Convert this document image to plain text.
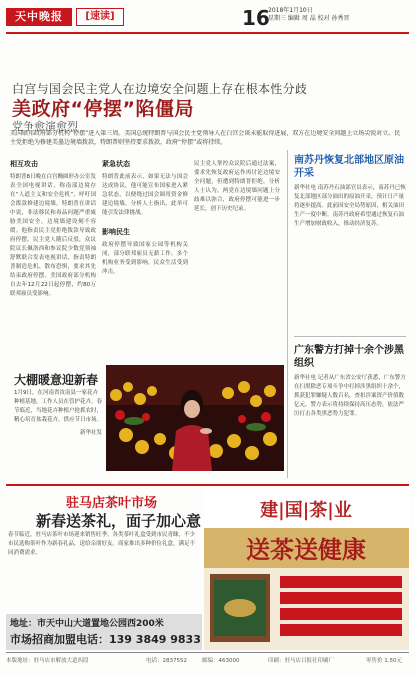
天中晚报	[速读]	16
2018年1月10日
星期三 编辑 周 晶 校对 孙秀晋
白宫与国会民主党人在边境安全问题上存在根本性分歧
美政府“停摆”陷僵局
党争愈演愈烈
美国联邦政府部分机构“停摆”进入第三周。美国总统特朗普与国会民主党领导人在白宫会谈未能取得进展，双方在边境安全问题上立场尖锐对立。民主党拒绝为修建美墨边境墙拨款，特朗普则坚持要求拨款，政府“停摆”或将持续。
相互攻击
特朗普8日晚在白宫椭圆形办公室发表全国电视讲话，称南部边境存在“人道主义和安全危机”，呼吁国会拨款修建边境墙。特朗普在讲话中说，非法移民和毒品问题严重威胁美国安全，边境墙建设刻不容缓。他指责民主党拒绝拨款导致政府停摆。民主党人随后反驳，众议院议长佩洛西和参议院少数党领袖舒默联合发表电视讲话，指责特朗普制造危机、散布恐惧，要求其先结束政府停摆。美国政府部分机构自去年12月22日起停摆，约80万联邦雇员受影响。
紧急状态
特朗普此前表示，如果无法与国会达成协议，他可能宣布国家进入紧急状态，以便绕过国会调用资金修建边境墙。分析人士指出，此举可能引发法律挑战。
影响民生
政府停摆导致国家公园等机构关闭，部分联邦雇员无薪工作。多个机构业务受到影响，民众生活受到冲击。
民主党人掌控众议院后通过法案，要求先恢复政府运作再讨论边境安全问题，但遭到特朗普拒绝。分析人士认为，两党在边境墙问题上分歧难以弥合，政府停摆可能进一步延长，创下历史纪录。
南苏丹恢复北部地区原油开采
新华社电 南苏丹石油部官员表示，南苏丹已恢复北部地区部分油田的原油开采，预计日产量将逐步提高。此前因安全局势原因，相关油田生产一度中断。南苏丹政府希望通过恢复石油生产增加财政收入，推动经济复苏。
广东警方打掉十余个涉黑组织
新华社电 记者从广东省公安厅获悉，广东警方在扫黑除恶专项斗争中打掉涉黑组织十余个，抓获犯罪嫌疑人数百名，查扣涉案资产价值数亿元。警方表示将持续保持高压态势，依法严厉打击各类黑恶势力犯罪。
大棚暖意迎新春
1月9日，在河南省汝南县一家花卉种植基地，工作人员在管护花卉。春节临近，当地花卉种植户抢抓农时，精心培育盆栽花卉，供应节日市场。
新华社发
驻马店茶叶市场
新春送茶礼，面子加心意
春节临近，驻马店茶叶市场迎来销售旺季。各类茶叶礼盒受到市民青睐，不少市民选购茶叶作为新春礼品，送给亲朋好友。商家推出多种价位礼盒，满足不同消费需求。
地址：市天中山大道置地公园西200米
市场招商加盟电话：139 3849 9833
建|国|茶|业
送茶送健康
本版地址：驻马店市解放大道西段	电话：2837552	邮编：463000	印刷：驻马店日报社印刷厂	零售价 1.50元
